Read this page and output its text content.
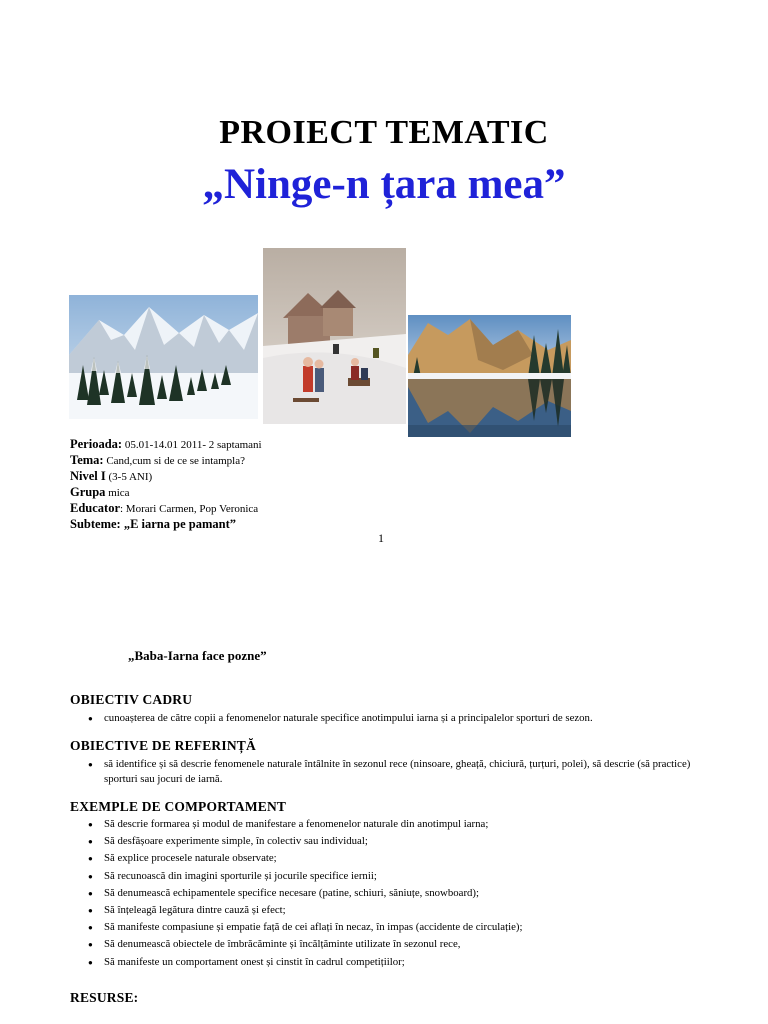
PROIECT TEMATIC
„Ninge-n țara mea”
Perioada: 05.01-14.01 2011- 2 saptamani
Tema: Cand,cum si de ce se intampla?
Nivel I (3-5 ANI)
Grupa mica
Educator: Morari Carmen, Pop Veronica
Subteme: „E iarna pe pamant”
1
„Baba-Iarna face pozne”
OBIECTIV CADRU
● cunoașterea de către copii a fenomenelor naturale specifice anotimpului iarna și a principalelor sporturi de sezon.
OBIECTIVE DE REFERINȚĂ
● să identifice și să descrie fenomenele naturale întâlnite în sezonul rece (ninsoare, gheață, chiciură, țurțuri, polei), să descrie (să practice) sporturi sau jocuri de iarnă.
EXEMPLE DE COMPORTAMENT
● Să descrie formarea și modul de manifestare a fenomenelor naturale din anotimpul iarna;
● Să desfășoare experimente simple, în colectiv sau individual;
● Să explice procesele naturale observate;
● Să recunoască din imagini sporturile și jocurile specifice iernii;
● Să denumească echipamentele specifice necesare (patine, schiuri, săniuțe, snowboard);
● Să înțeleagă legătura dintre cauză și efect;
● Să manifeste compasiune și empatie față de cei aflați în necaz, în impas (accidente de circulație);
● Să denumească obiectele de îmbrăcăminte și încălțăminte utilizate în sezonul rece,
● Să manifeste un comportament onest și cinstit în cadrul competițiilor;
RESURSE:
